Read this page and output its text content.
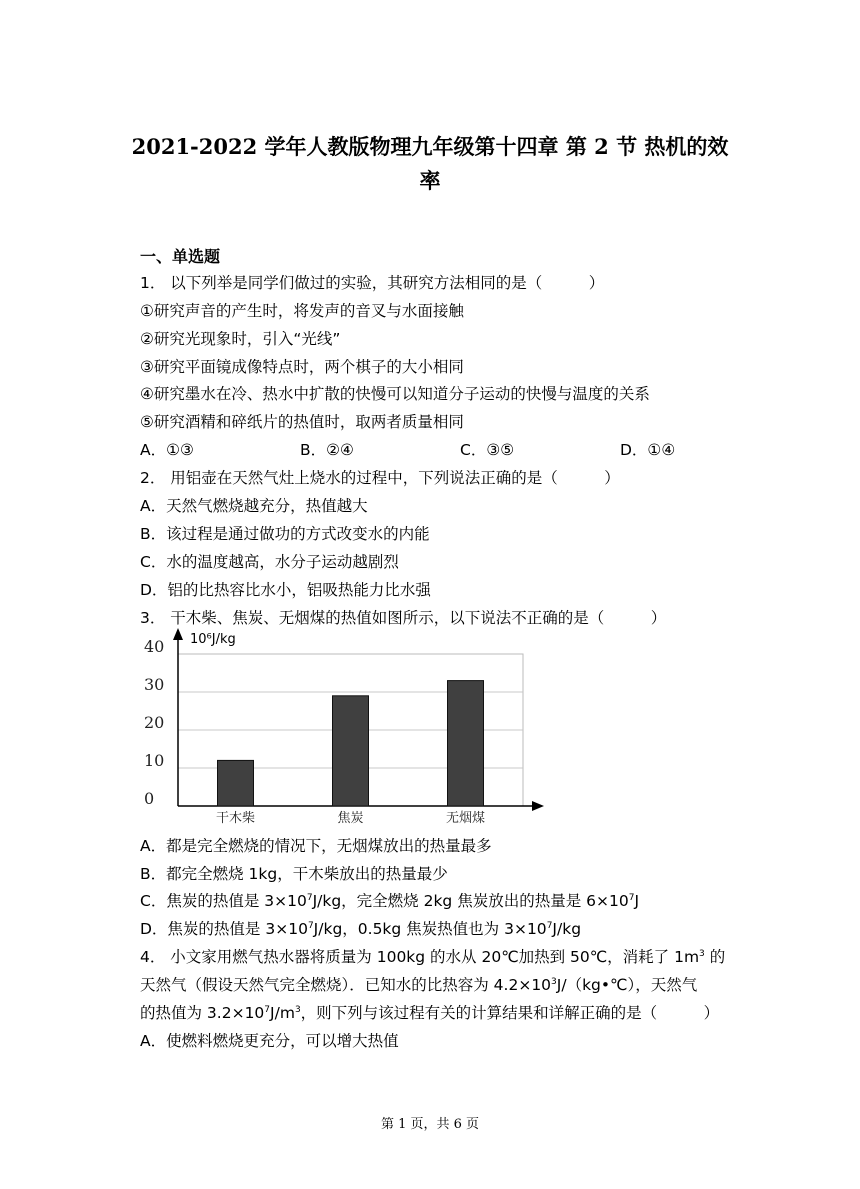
2021-2022 学年人教版物理九年级第十四章 第 2 节 热机的效
率
一、单选题
1． 以下列举是同学们做过的实验，其研究方法相同的是（　　　）
①研究声音的产生时，将发声的音叉与水面接触
②研究光现象时，引入“光线”
③研究平面镜成像特点时，两个棋子的大小相同
④研究墨水在冷、热水中扩散的快慢可以知道分子运动的快慢与温度的关系
⑤研究酒精和碎纸片的热值时，取两者质量相同
A．①③	B．②④	C．③⑤	D．①④
2． 用铝壶在天然气灶上烧水的过程中，下列说法正确的是（　　　）
A．天然气燃烧越充分，热值越大
B．该过程是通过做功的方式改变水的内能
C．水的温度越高，水分子运动越剧烈
D．铝的比热容比水小，铝吸热能力比水强
3． 干木柴、焦炭、无烟煤的热值如图所示，以下说法不正确的是（　　　）
40
30
20
10
0
10⁶J/kg
干木柴	焦炭	无烟煤
A．都是完全燃烧的情况下，无烟煤放出的热量最多
B．都完全燃烧 1kg，干木柴放出的热量最少
C．焦炭的热值是 $3\times 10^7J/kg$，完全燃烧 2kg 焦炭放出的热量是 $6\times 10^7J$
D．焦炭的热值是 $3\times 10^7J/kg$，0.5kg 焦炭热值也为 $3\times 10^7J/kg$
4． 小文家用燃气热水器将质量为 100kg 的水从 20℃加热到 50℃，消耗了 $1m^3$ 的
天然气（假设天然气完全燃烧）．已知水的比热容为 $4.2\times 10^3J/(kg•℃)$，天然气
的热值为 $3.2\times 10^7J/m^3$，则下列与该过程有关的计算结果和详解正确的是（　　　）
A．使燃料燃烧更充分，可以增大热值
第 1 页，共 6 页
